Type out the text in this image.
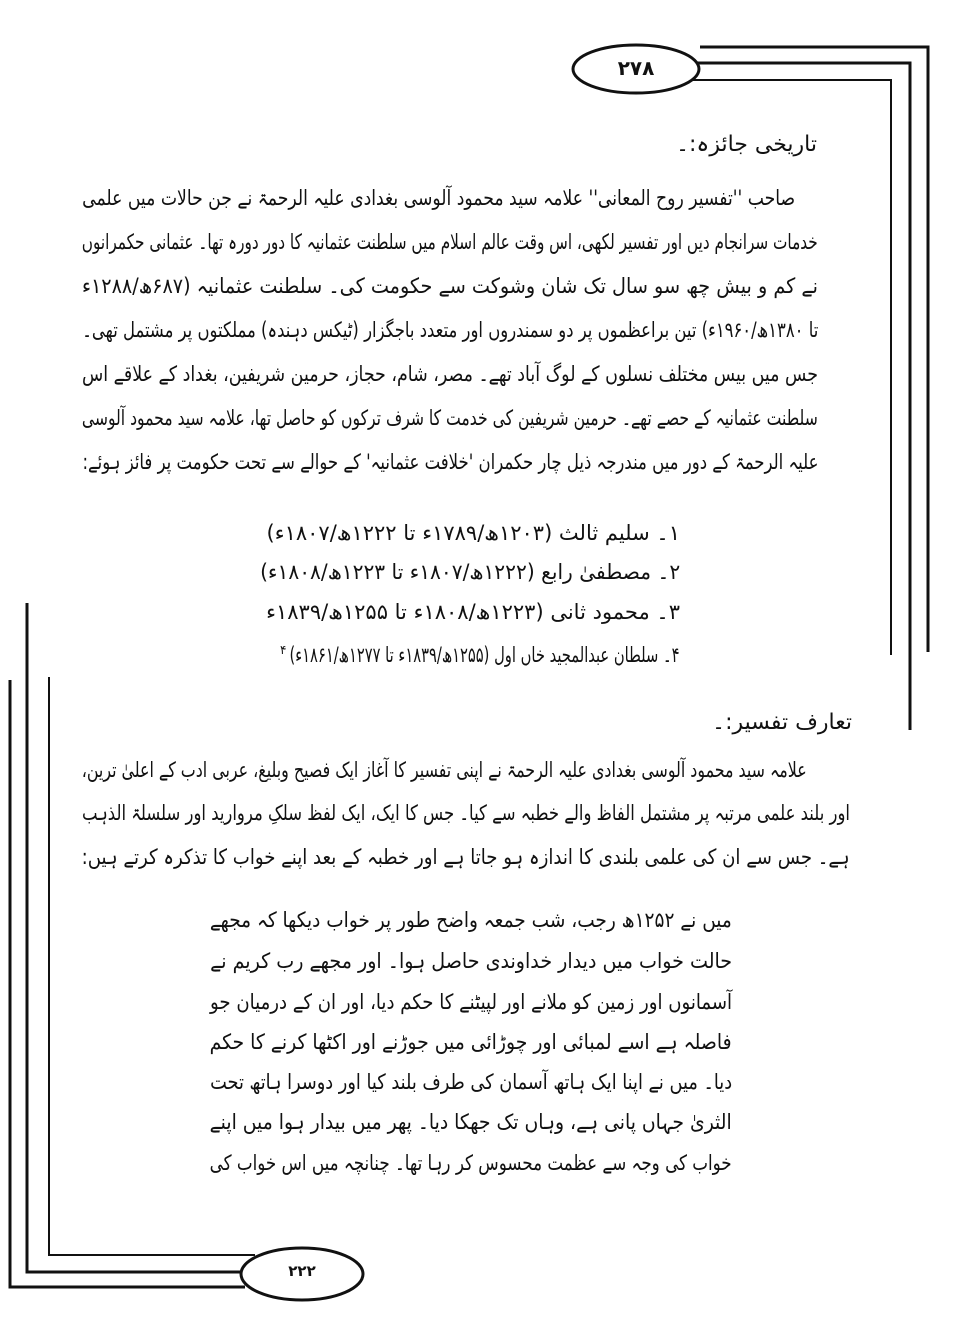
۲۷۸
۲۲۲
تاریخی جائزہ:۔
صاحب ''تفسیر روح المعانی'' علامہ سید محمود آلوسی بغدادی علیہ الرحمۃ نے جن حالات میں علمی
خدمات سرانجام دیں اور تفسیر لکھی، اس وقت عالم اسلام میں سلطنت عثمانیہ کا دور دورہ تھا۔ عثمانی حکمرانوں
نے کم و بیش چھ سو سال تک شان وشوکت سے حکومت کی۔ سلطنت عثمانیہ (۶۸۷ھ/۱۲۸۸ء
تا ۱۳۸۰ھ/۱۹۶۰ء) تین براعظموں پر دو سمندروں اور متعدد باجگزار (ٹیکس دہندہ) مملکتوں پر مشتمل تھی۔
جس میں بیس مختلف نسلوں کے لوگ آباد تھے۔ مصر، شام، حجاز، حرمین شریفین، بغداد کے علاقے اس
سلطنت عثمانیہ کے حصے تھے۔ حرمین شریفین کی خدمت کا شرف ترکوں کو حاصل تھا، علامہ سید محمود آلوسی
علیہ الرحمۃ کے دور میں مندرجہ ذیل چار حکمران 'خلافت عثمانیہ' کے حوالے سے تحت حکومت پر فائز ہوئے:
۱۔ سلیم ثالث (۱۲۰۳ھ/۱۷۸۹ء تا ۱۲۲۲ھ/۱۸۰۷ء)
۲۔ مصطفیٰ رابع (۱۲۲۲ھ/۱۸۰۷ء تا ۱۲۲۳ھ/۱۸۰۸ء)
۳۔ محمود ثانی (۱۲۲۳ھ/۱۸۰۸ء تا ۱۲۵۵ھ/۱۸۳۹ء
۴۔ سلطان عبدالمجید خاں اول (۱۲۵۵ھ/۱۸۳۹ء تا ۱۲۷۷ھ/۱۸۶۱ء)
۴
تعارف تفسیر:۔
علامہ سید محمود آلوسی بغدادی علیہ الرحمۃ نے اپنی تفسیر کا آغاز ایک فصیح وبلیغ، عربی ادب کے اعلیٰ ترین،
اور بلند علمی مرتبہ پر مشتمل الفاظ والے خطبہ سے کیا۔ جس کا ایک، ایک لفظ سلکِ مروارید اور سلسلۃ الذہب
ہے۔ جس سے ان کی علمی بلندی کا اندازہ ہو جاتا ہے اور خطبہ کے بعد اپنے خواب کا تذکرہ کرتے ہیں:
میں نے ۱۲۵۲ھ رجب، شب جمعہ واضح طور پر خواب دیکھا کہ مجھے
حالت خواب میں دیدار خداوندی حاصل ہوا۔ اور مجھے رب کریم نے
آسمانوں اور زمین کو ملانے اور لپیٹنے کا حکم دیا، اور ان کے درمیان جو
فاصلہ ہے اسے لمبائی اور چوڑائی میں جوڑنے اور اکٹھا کرنے کا حکم
دیا۔ میں نے اپنا ایک ہاتھ آسمان کی طرف بلند کیا اور دوسرا ہاتھ تحت
الثریٰ جہاں پانی ہے، وہاں تک جھکا دیا۔ پھر میں بیدار ہوا میں اپنے
خواب کی وجہ سے عظمت محسوس کر رہا تھا۔ چنانچہ میں اس خواب کی
